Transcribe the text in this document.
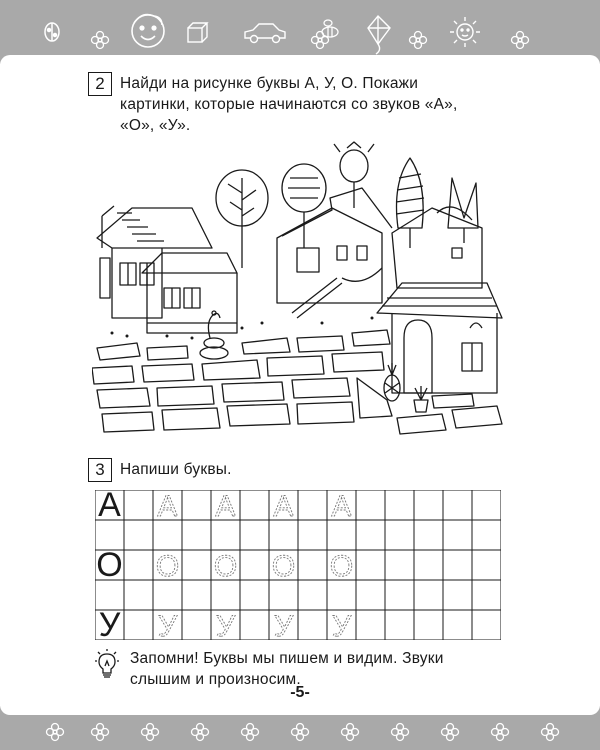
2 Найди на рисунке буквы А, У, О. Покажи
картинки, которые начинаются со звуков «А»,
«О», «У».
3 Напиши буквы.
А А А А А
О О О О О
У У У У У
Запомни! Буквы мы пишем и видим. Звуки
слышим и произносим.
-5-
